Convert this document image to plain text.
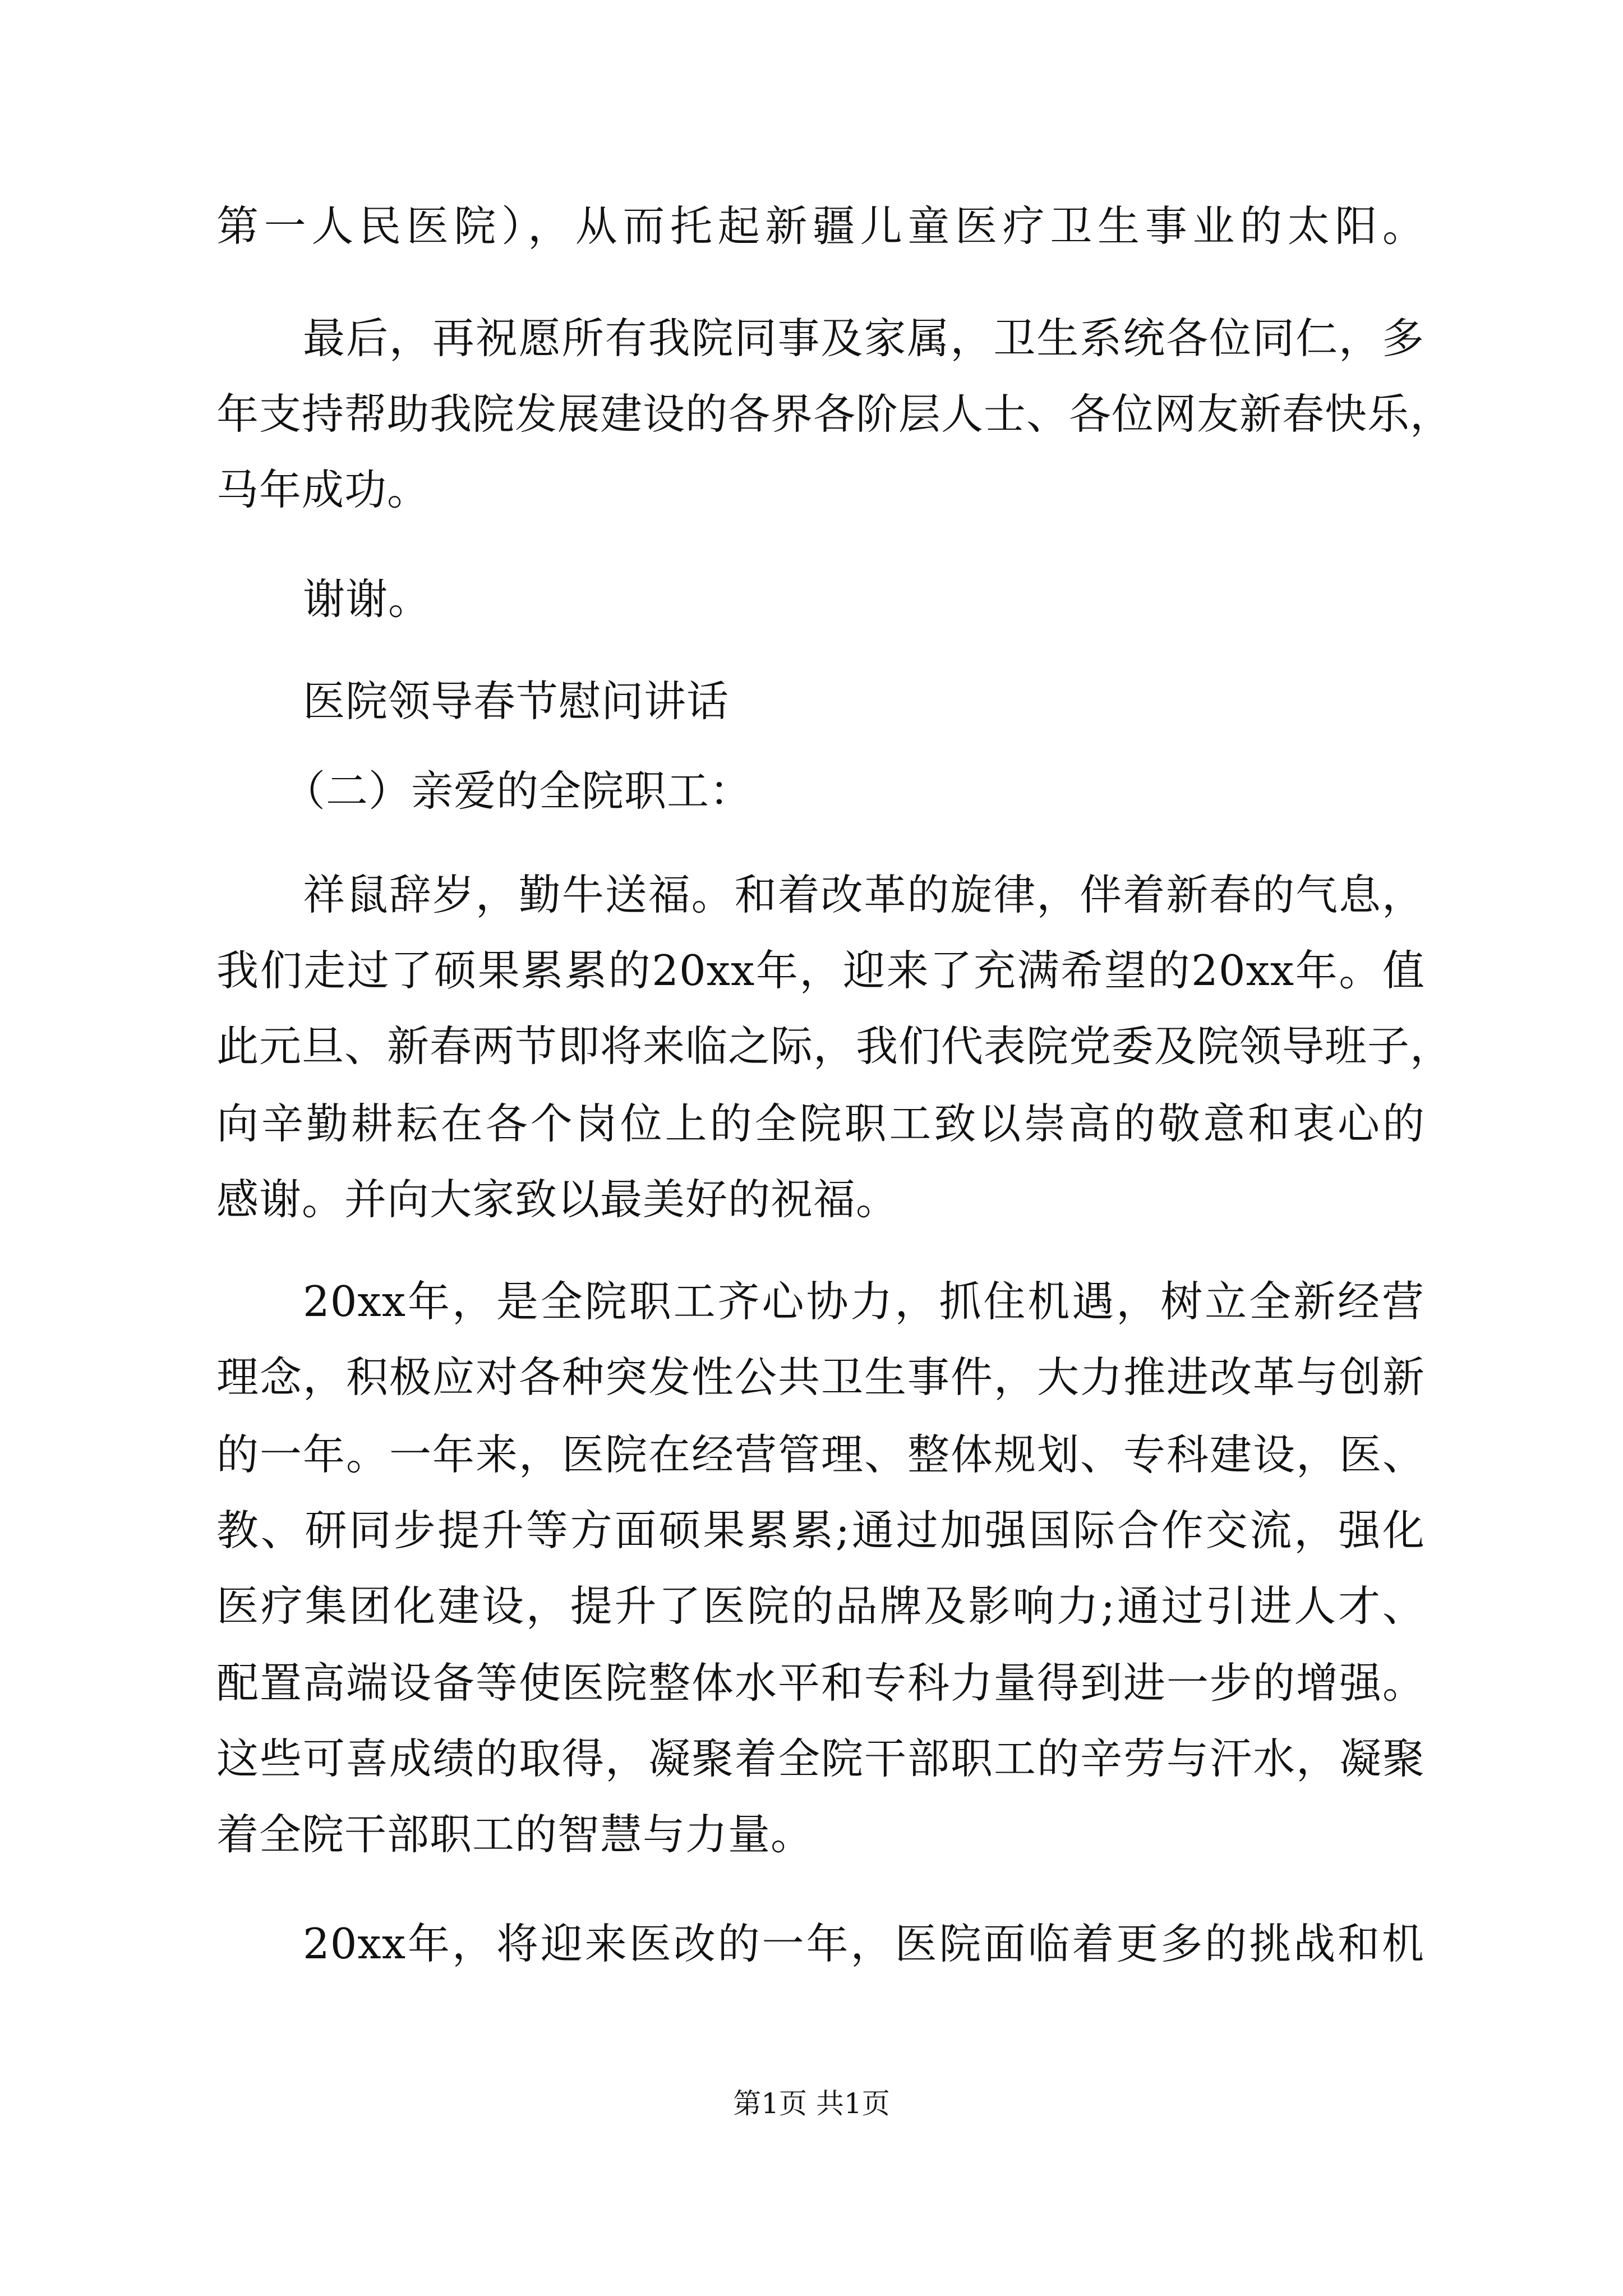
第一人民医院），从而托起新疆儿童医疗卫生事业的太阳。
最后，再祝愿所有我院同事及家属，卫生系统各位同仁，多
年支持帮助我院发展建设的各界各阶层人士、各位网友新春快乐，
马年成功。
谢谢。
医院领导春节慰问讲话
（二）亲爱的全院职工：
祥鼠辞岁，勤牛送福。和着改革的旋律，伴着新春的气息，
我们走过了硕果累累的20xx年，迎来了充满希望的20xx年。值
此元旦、新春两节即将来临之际，我们代表院党委及院领导班子，
向辛勤耕耘在各个岗位上的全院职工致以崇高的敬意和衷心的
感谢。并向大家致以最美好的祝福。
20xx年，是全院职工齐心协力，抓住机遇，树立全新经营
理念，积极应对各种突发性公共卫生事件，大力推进改革与创新
的一年。一年来，医院在经营管理、整体规划、专科建设，医、
教、研同步提升等方面硕果累累;通过加强国际合作交流，强化
医疗集团化建设，提升了医院的品牌及影响力;通过引进人才、
配置高端设备等使医院整体水平和专科力量得到进一步的增强。
这些可喜成绩的取得，凝聚着全院干部职工的辛劳与汗水，凝聚
着全院干部职工的智慧与力量。
20xx年，将迎来医改的一年，医院面临着更多的挑战和机
第1页 共1页
